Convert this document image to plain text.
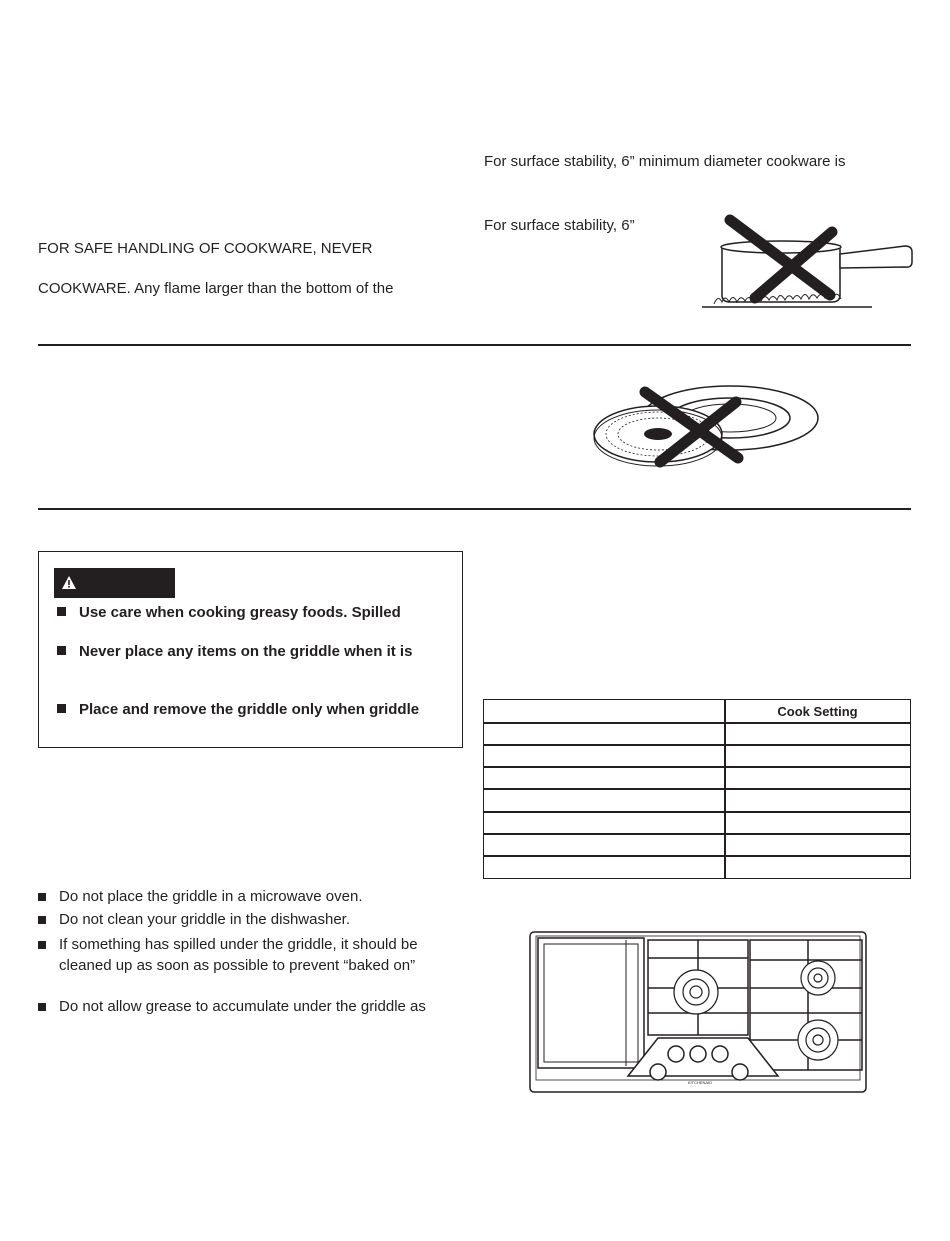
For surface stability, 6” minimum diameter cookware is
For surface stability, 6”
FOR SAFE HANDLING OF COOKWARE, NEVER
COOKWARE. Any flame larger than the bottom of the
Use care when cooking greasy foods. Spilled
Never place any items on the griddle when it is
Place and remove the griddle only when griddle	Cook Setting
Do not place the griddle in a microwave oven.
Do not clean your griddle in the dishwasher.
If something has spilled under the griddle, it should be
cleaned up as soon as possible to prevent “baked on”
Do not allow grease to accumulate under the griddle as
KITCHENAID
